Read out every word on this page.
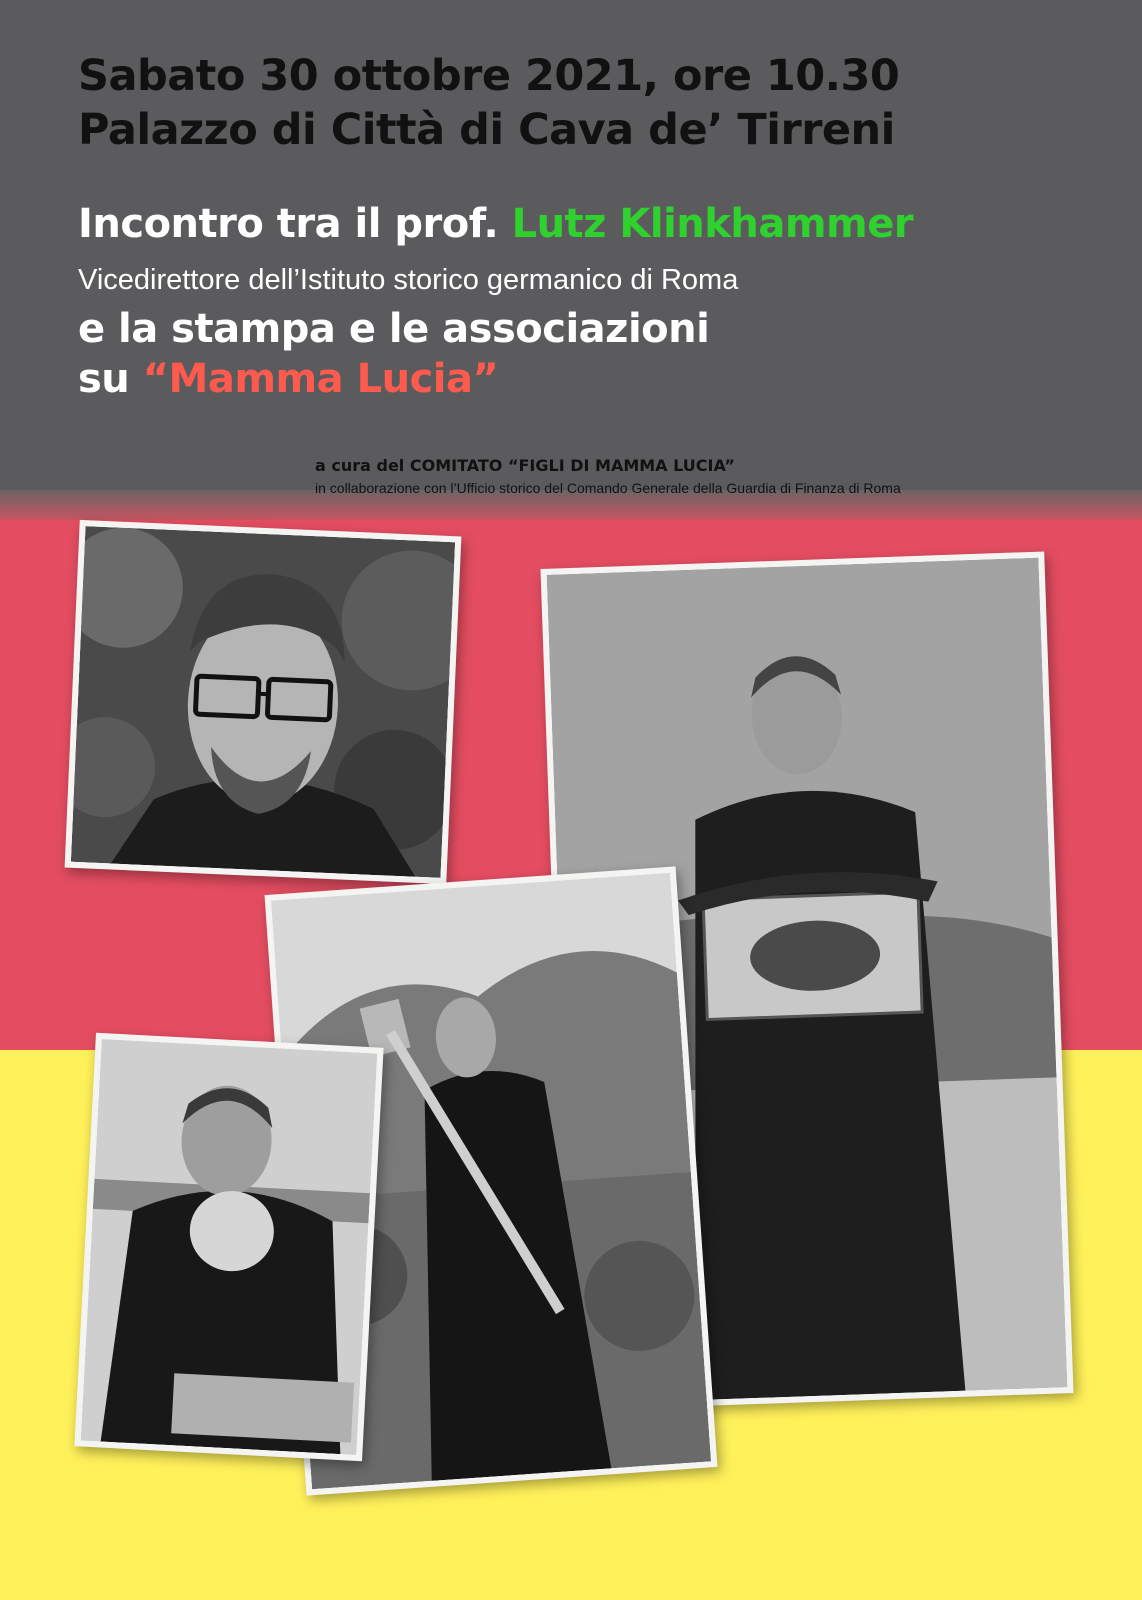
Sabato 30 ottobre 2021, ore 10.30

Palazzo di Città di Cava de’ Tirreni

Incontro tra il prof. Lutz Klinkhammer

Vicedirettore dell’Istituto storico germanico di Roma

e la stampa e le associazioni

su “Mamma Lucia”

a cura del COMITATO “FIGLI DI MAMMA LUCIA”

in collaborazione con l’Ufficio storico del Comando Generale della Guardia di Finanza di Roma
